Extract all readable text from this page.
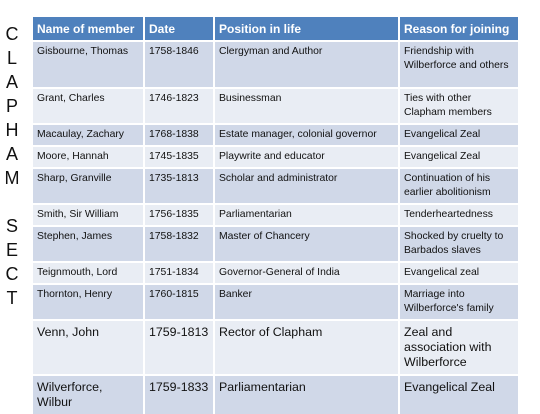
C
L
A
P
H
A
M
S
E
C
T
Name of member	Date	Position in life	Reason for joining
Gisbourne, Thomas	1758-1846	Clergyman and Author	Friendship with Wilberforce and others
Grant, Charles	1746-1823	Businessman	Ties with other Clapham members
Macaulay, Zachary	1768-1838	Estate manager, colonial governor	Evangelical Zeal
Moore, Hannah	1745-1835	Playwrite and educator	Evangelical Zeal
Sharp, Granville	1735-1813	Scholar and administrator	Continuation of his earlier abolitionism
Smith, Sir William	1756-1835	Parliamentarian	Tenderheartedness
Stephen, James	1758-1832	Master of Chancery	Shocked by cruelty to Barbados slaves
Teignmouth, Lord	1751-1834	Governor-General of India	Evangelical zeal
Thornton, Henry	1760-1815	Banker	Marriage into Wilberforce's family
Venn, John	1759-1813	Rector of Clapham	Zeal and association with Wilberforce
Wilverforce, Wilbur	1759-1833	Parliamentarian	Evangelical Zeal
